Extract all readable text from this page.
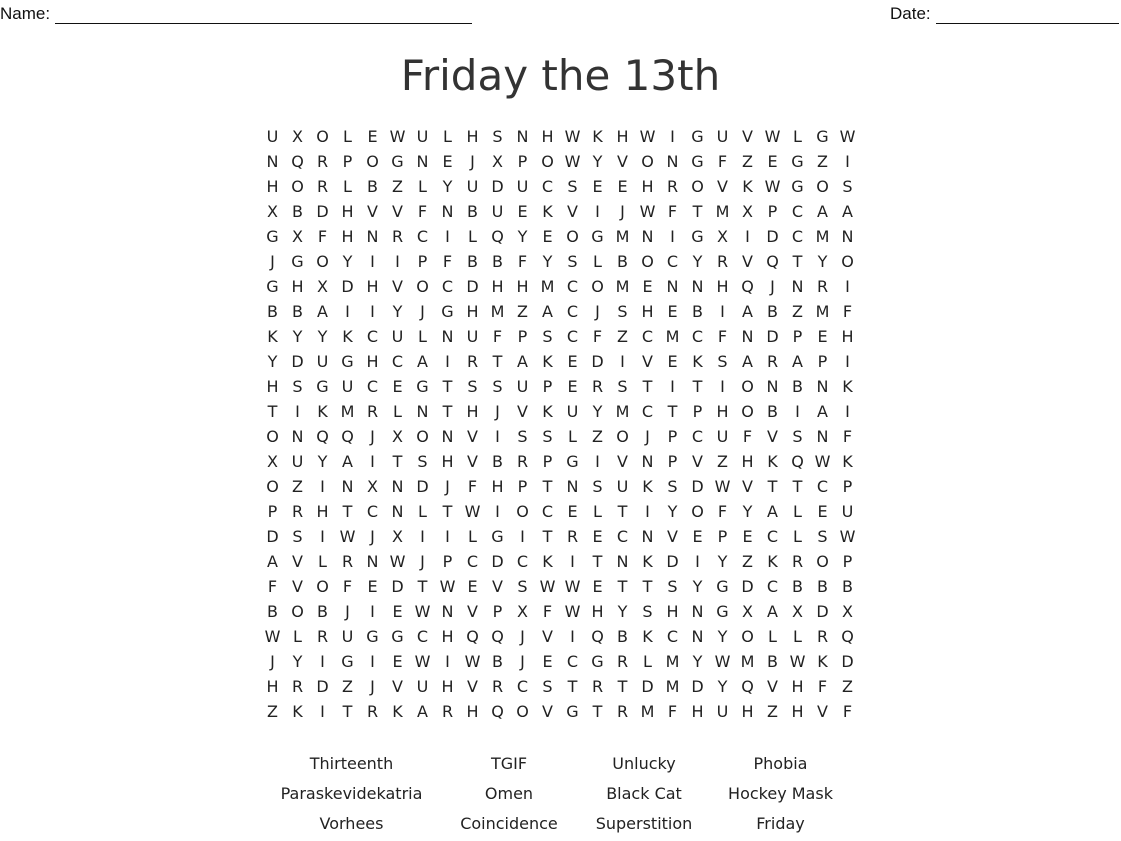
Name:	Date:
Friday the 13th
U X O L E W U L H S N H W K H W I	G U V W L G W
N Q R P O G N E	J	X P O W Y V O N G F Z E G Z	I
H O R L B Z L Y U D U C S E E H R O V K W G O S
X B D H V V F N B U E K V	I	J W F T M X P C A A
G X F H N R C	I	L Q Y E O G M N	I	G X	I	D C M N
J	G O Y	I	I	P F B B F Y S L B O C Y R V Q T Y O
G H X D H V O C D H H M C O M E N N H Q	J	N R	I
B B A	I	I	Y	J	G H M Z A C	J	S H E B	I	A B Z M F
K Y Y K C U L N U F P S C F Z C M C F N D P E H
Y D U G H C A	I	R T A K E D	I	V E K S A R A P	I
H S G U C E G T S S U P E R S T	I	T	I	O N B N K
T	I	K M R L N T H	J	V K U Y M C T P H O B	I	A	I
O N Q Q	J	X O N V	I	S S L Z O	J	P C U F V S N F
X U Y A	I	T S H V B R P G	I	V N P V Z H K Q W K
O Z	I	N X N D	J	F H P T N S U K S D W V T T C P
P R H T C N L T W I	O C E L T	I	Y O F Y A L E U
D S	I W J	X	I	I	L G	I	T R E C N V E P E C L S W
A V L R N W J	P C D C K	I	T N K D	I	Y Z K R O P
F V O F E D T W E V S W W E T T S Y G D C B B B
B O B	J	I	E W N V P X F W H Y S H N G X A X D X
W L R U G G C H Q Q	J	V	I	Q B K C N Y O L	L R Q
J	Y	I	G	I	E W I W B	J	E C G R L M Y W M B W K D
H R D Z	J	V U H V R C S T R T D M D Y Q V H F Z
Z K	I	T R K A R H Q O V G T R M F H U H Z H V F
Thirteenth	TGIF	Unlucky	Phobia
Paraskevidekatria	Omen	Black Cat	Hockey Mask
Vorhees	Coincidence	Superstition	Friday
